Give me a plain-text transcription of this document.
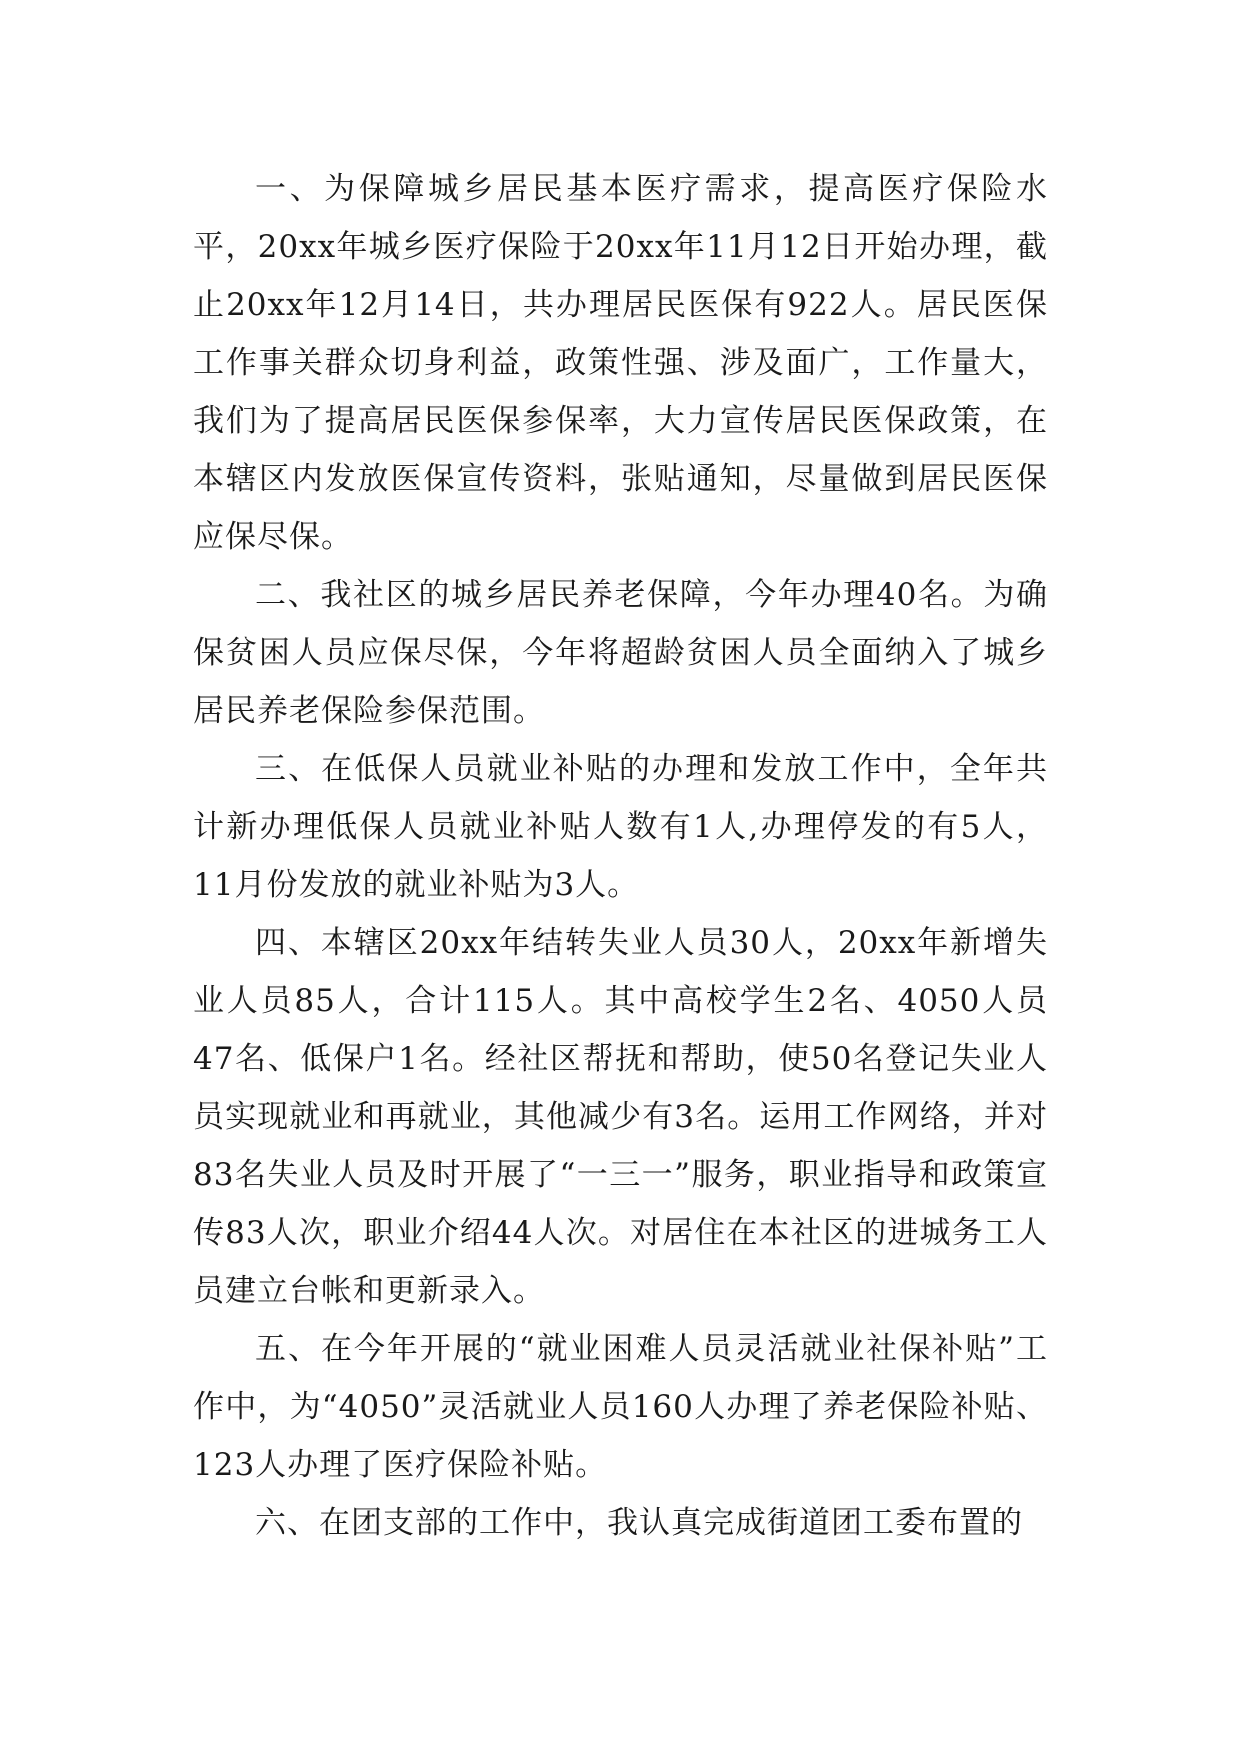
一、为保障城乡居民基本医疗需求，提高医疗保险水平，20xx年城乡医疗保险于20xx年11月12日开始办理，截止20xx年12月14日，共办理居民医保有922人。居民医保工作事关群众切身利益，政策性强、涉及面广，工作量大，我们为了提高居民医保参保率，大力宣传居民医保政策，在本辖区内发放医保宣传资料，张贴通知，尽量做到居民医保应保尽保。

二、我社区的城乡居民养老保障，今年办理40名。为确保贫困人员应保尽保，今年将超龄贫困人员全面纳入了城乡居民养老保险参保范围。

三、在低保人员就业补贴的办理和发放工作中，全年共计新办理低保人员就业补贴人数有1人,办理停发的有5人，11月份发放的就业补贴为3人。

四、本辖区20xx年结转失业人员30人，20xx年新增失业人员85人，合计115人。其中高校学生2名、4050人员47名、低保户1名。经社区帮抚和帮助，使50名登记失业人员实现就业和再就业，其他减少有3名。运用工作网络，并对83名失业人员及时开展了“一三一”服务，职业指导和政策宣传83人次，职业介绍44人次。对居住在本社区的进城务工人员建立台帐和更新录入。

五、在今年开展的“就业困难人员灵活就业社保补贴”工作中，为“4050”灵活就业人员160人办理了养老保险补贴、123人办理了医疗保险补贴。

六、在团支部的工作中，我认真完成街道团工委布置的
